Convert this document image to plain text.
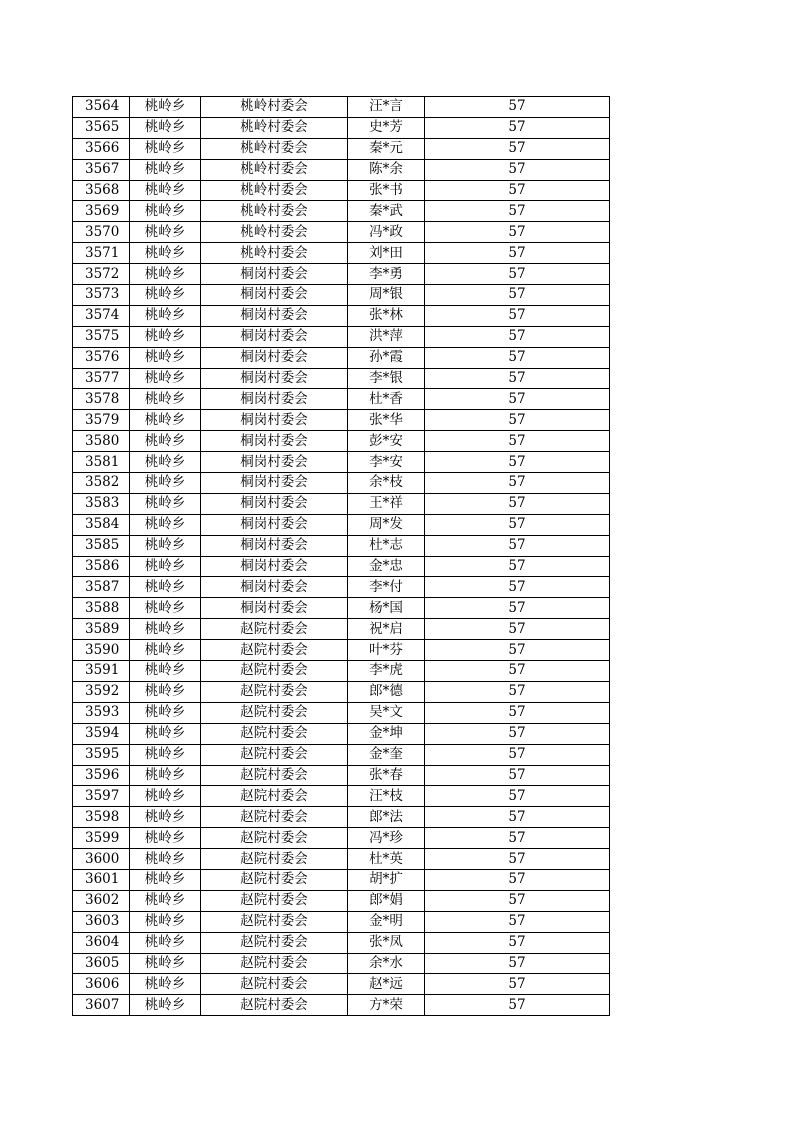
3564	桃岭乡	桃岭村委会	汪*言	57
3565	桃岭乡	桃岭村委会	史*芳	57
3566	桃岭乡	桃岭村委会	秦*元	57
3567	桃岭乡	桃岭村委会	陈*余	57
3568	桃岭乡	桃岭村委会	张*书	57
3569	桃岭乡	桃岭村委会	秦*武	57
3570	桃岭乡	桃岭村委会	冯*政	57
3571	桃岭乡	桃岭村委会	刘*田	57
3572	桃岭乡	桐岗村委会	李*勇	57
3573	桃岭乡	桐岗村委会	周*银	57
3574	桃岭乡	桐岗村委会	张*林	57
3575	桃岭乡	桐岗村委会	洪*萍	57
3576	桃岭乡	桐岗村委会	孙*霞	57
3577	桃岭乡	桐岗村委会	李*银	57
3578	桃岭乡	桐岗村委会	杜*香	57
3579	桃岭乡	桐岗村委会	张*华	57
3580	桃岭乡	桐岗村委会	彭*安	57
3581	桃岭乡	桐岗村委会	李*安	57
3582	桃岭乡	桐岗村委会	余*枝	57
3583	桃岭乡	桐岗村委会	王*祥	57
3584	桃岭乡	桐岗村委会	周*发	57
3585	桃岭乡	桐岗村委会	杜*志	57
3586	桃岭乡	桐岗村委会	金*忠	57
3587	桃岭乡	桐岗村委会	李*付	57
3588	桃岭乡	桐岗村委会	杨*国	57
3589	桃岭乡	赵院村委会	祝*启	57
3590	桃岭乡	赵院村委会	叶*芬	57
3591	桃岭乡	赵院村委会	李*虎	57
3592	桃岭乡	赵院村委会	郎*德	57
3593	桃岭乡	赵院村委会	吴*文	57
3594	桃岭乡	赵院村委会	金*坤	57
3595	桃岭乡	赵院村委会	金*奎	57
3596	桃岭乡	赵院村委会	张*春	57
3597	桃岭乡	赵院村委会	汪*枝	57
3598	桃岭乡	赵院村委会	郎*法	57
3599	桃岭乡	赵院村委会	冯*珍	57
3600	桃岭乡	赵院村委会	杜*英	57
3601	桃岭乡	赵院村委会	胡*扩	57
3602	桃岭乡	赵院村委会	郎*娟	57
3603	桃岭乡	赵院村委会	金*明	57
3604	桃岭乡	赵院村委会	张*凤	57
3605	桃岭乡	赵院村委会	余*水	57
3606	桃岭乡	赵院村委会	赵*远	57
3607	桃岭乡	赵院村委会	方*荣	57
